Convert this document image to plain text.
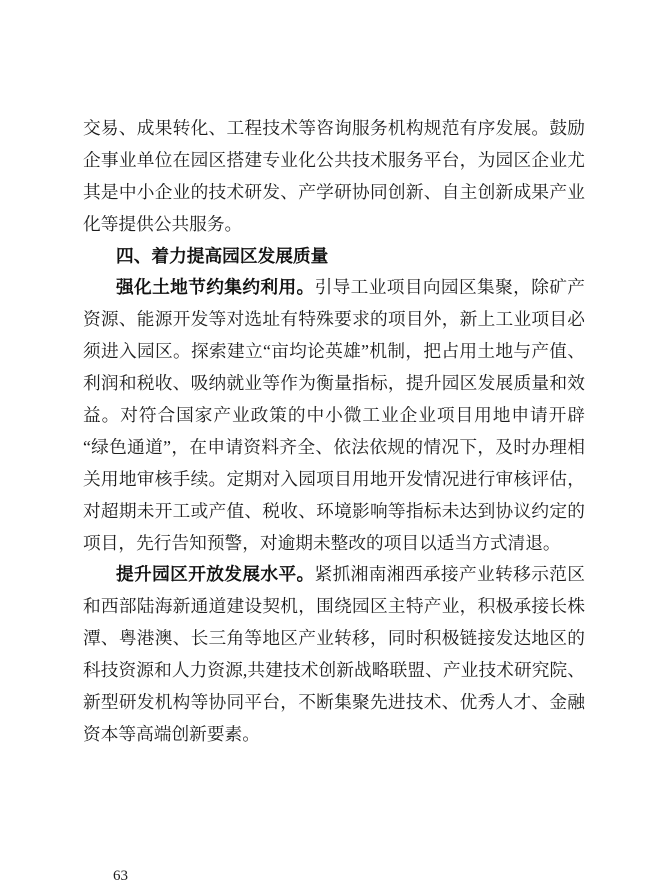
交易、成果转化、工程技术等咨询服务机构规范有序发展。鼓励
企事业单位在园区搭建专业化公共技术服务平台，为园区企业尤
其是中小企业的技术研发、产学研协同创新、自主创新成果产业
化等提供公共服务。
四、着力提高园区发展质量
强化土地节约集约利用。引导工业项目向园区集聚，除矿产
资源、能源开发等对选址有特殊要求的项目外，新上工业项目必
须进入园区。探索建立“亩均论英雄”机制，把占用土地与产值、
利润和税收、吸纳就业等作为衡量指标，提升园区发展质量和效
益。对符合国家产业政策的中小微工业企业项目用地申请开辟
“绿色通道”，在申请资料齐全、依法依规的情况下，及时办理相
关用地审核手续。定期对入园项目用地开发情况进行审核评估，
对超期未开工或产值、税收、环境影响等指标未达到协议约定的
项目，先行告知预警，对逾期未整改的项目以适当方式清退。
提升园区开放发展水平。紧抓湘南湘西承接产业转移示范区
和西部陆海新通道建设契机，围绕园区主特产业，积极承接长株
潭、粤港澳、长三角等地区产业转移，同时积极链接发达地区的
科技资源和人力资源,共建技术创新战略联盟、产业技术研究院、
新型研发机构等协同平台，不断集聚先进技术、优秀人才、金融
资本等高端创新要素。
63
